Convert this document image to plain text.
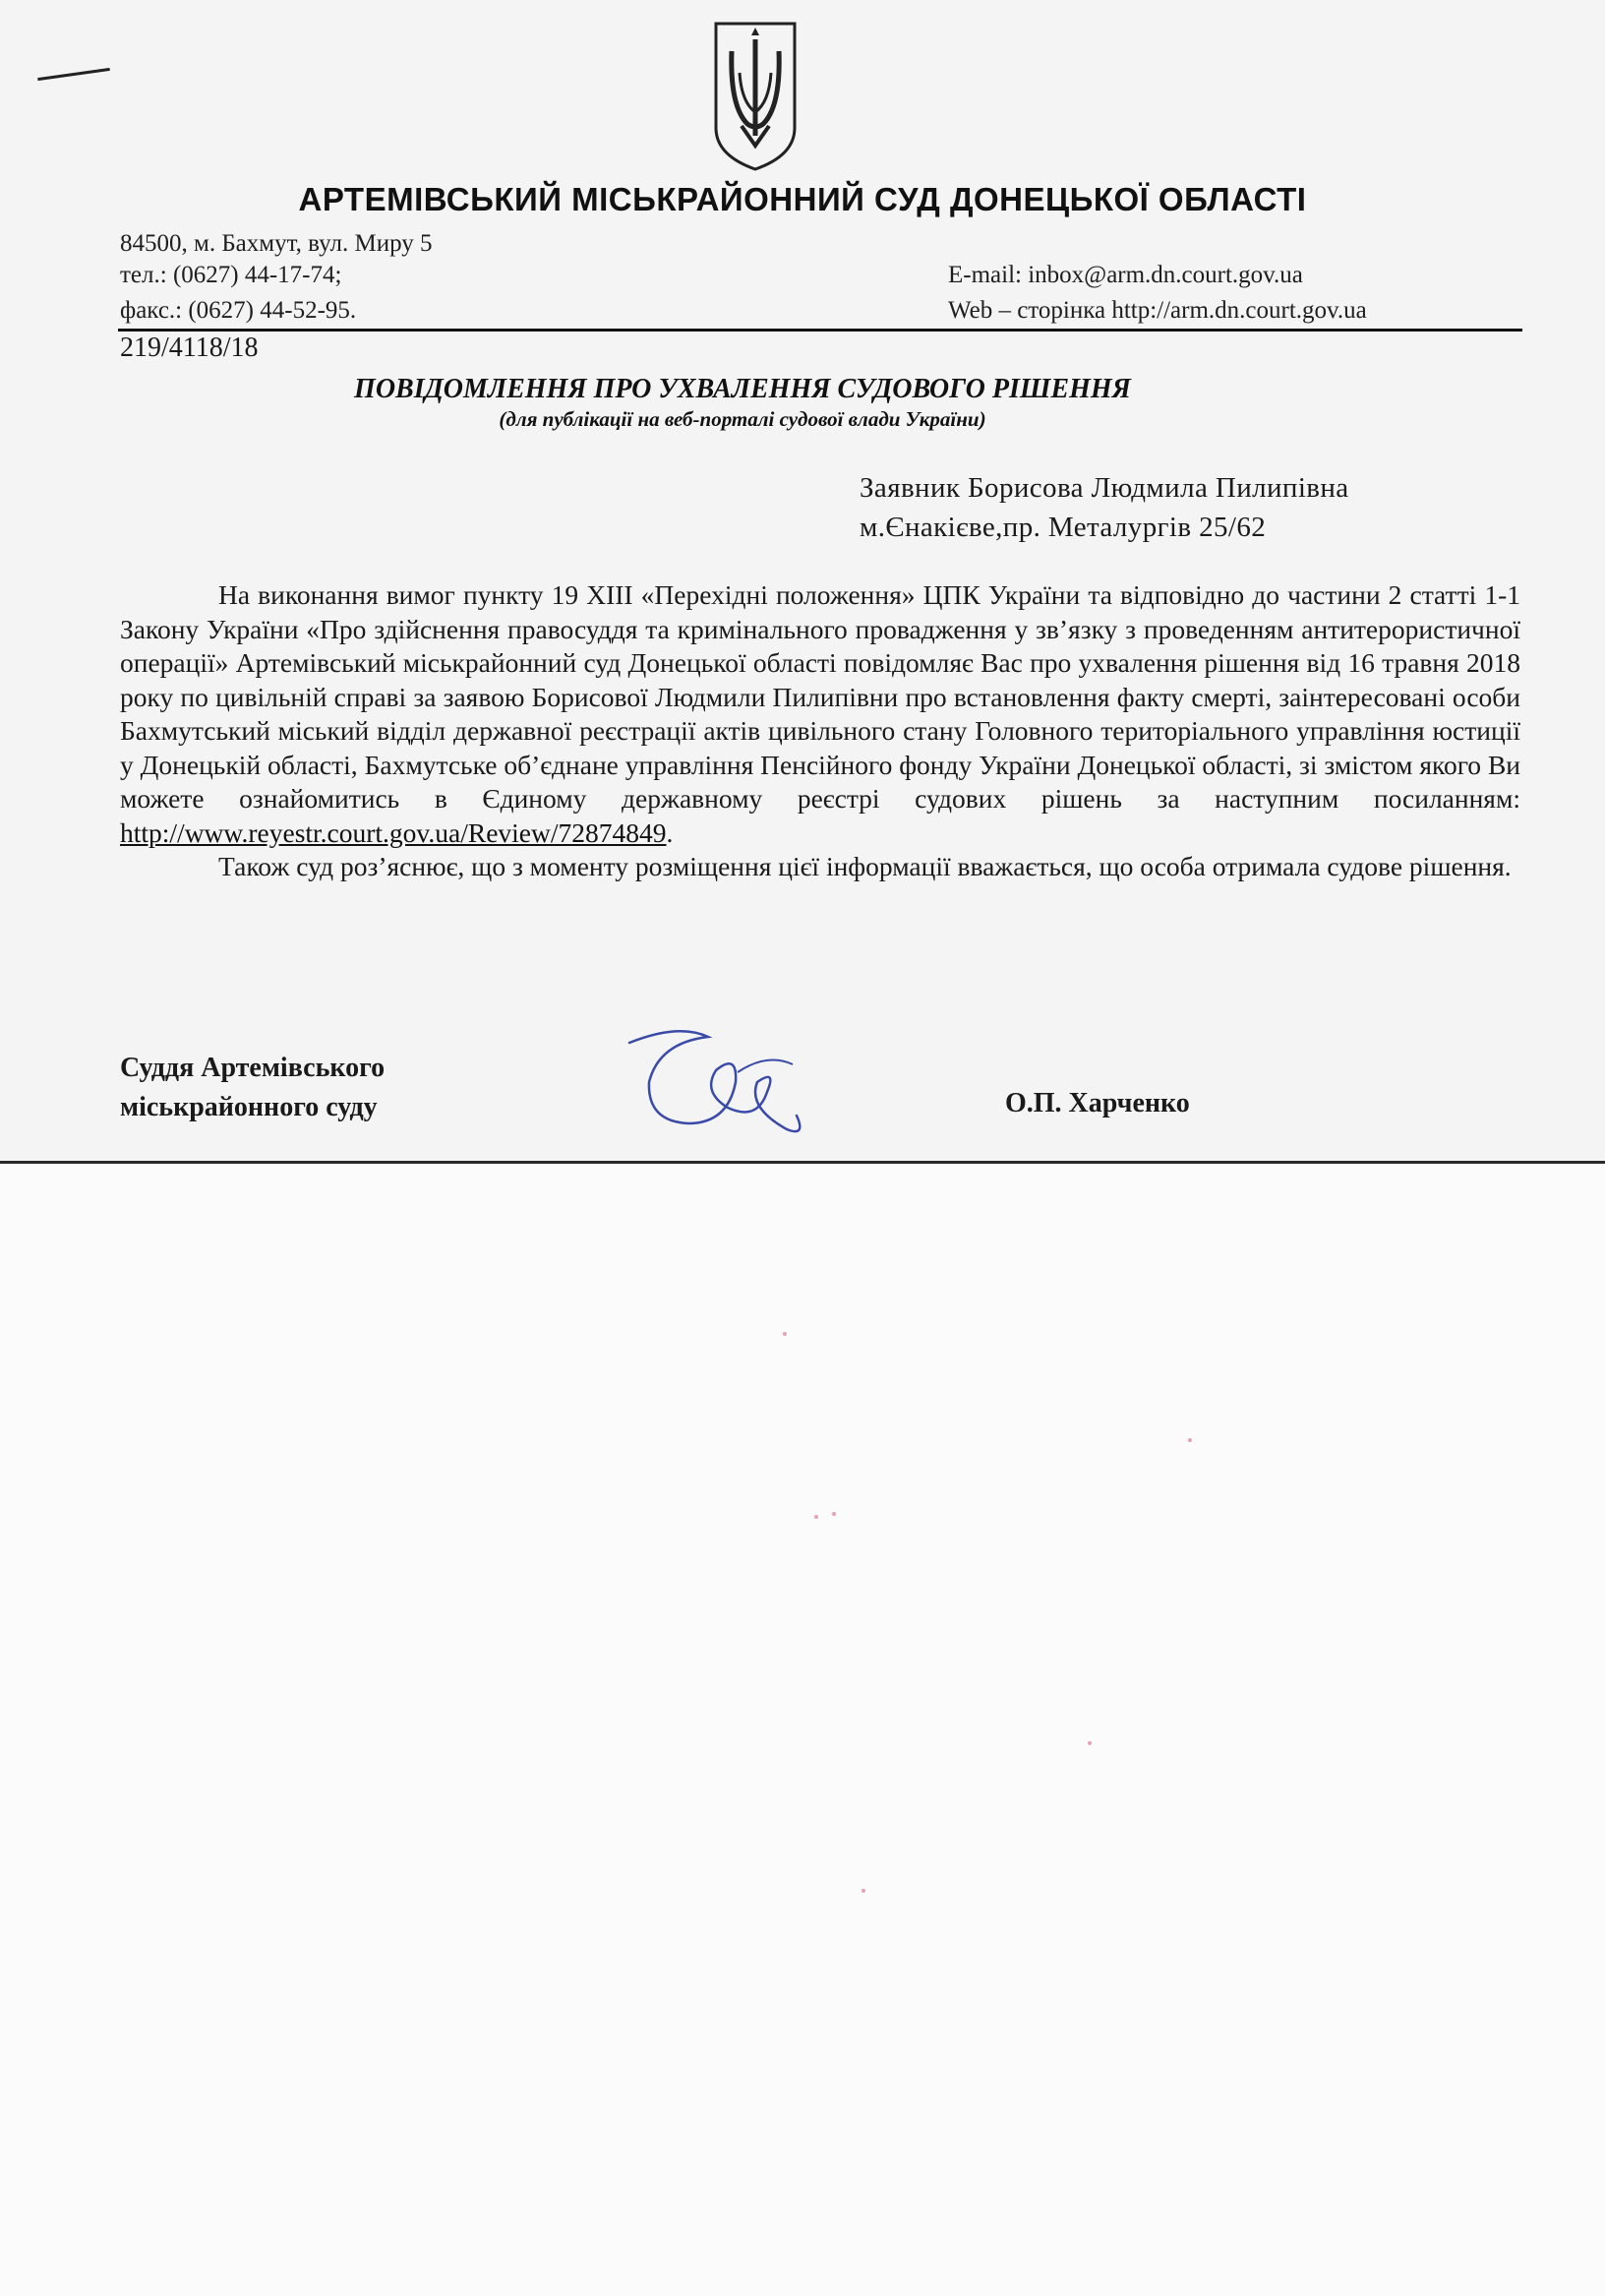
АРТЕМІВСЬКИЙ МІСЬКРАЙОННИЙ СУД ДОНЕЦЬКОЇ ОБЛАСТІ
84500, м. Бахмут, вул. Миру 5
тел.: (0627) 44-17-74;
факс.: (0627) 44-52-95.
E-mail: inbox@arm.dn.court.gov.ua
Web – сторінка http://arm.dn.court.gov.ua
219/4118/18
ПОВІДОМЛЕННЯ ПРО УХВАЛЕННЯ СУДОВОГО РІШЕННЯ
(для публікації на веб-порталі судової влади України)
Заявник Борисова Людмила Пилипівна
м.Єнакієве,пр. Металургів 25/62

На виконання вимог пункту 19 XIII «Перехідні положення» ЦПК України та відповідно до частини 2 статті 1-1 Закону України «Про здійснення правосуддя та кримінального провадження у зв’язку з проведенням антитерористичної операції» Артемівський міськрайонний суд Донецької області повідомляє Вас про ухвалення рішення від 16 травня 2018 року по цивільній справі за заявою Борисової Людмили Пилипівни про встановлення факту смерті, заінтересовані особи Бахмутський міський відділ державної реєстрації актів цивільного стану Головного територіального управління юстиції у Донецькій області, Бахмутське об’єднане управління Пенсійного фонду України Донецької області, зі змістом якого Ви можете ознайомитись в Єдиному державному реєстрі судових рішень за наступним посиланням: http://www.reyestr.court.gov.ua/Review/72874849.

Також суд роз’яснює, що з моменту розміщення цієї інформації вважається, що особа отримала судове рішення.

Суддя Артемівського
міськрайонного суду	О.П. Харченко
